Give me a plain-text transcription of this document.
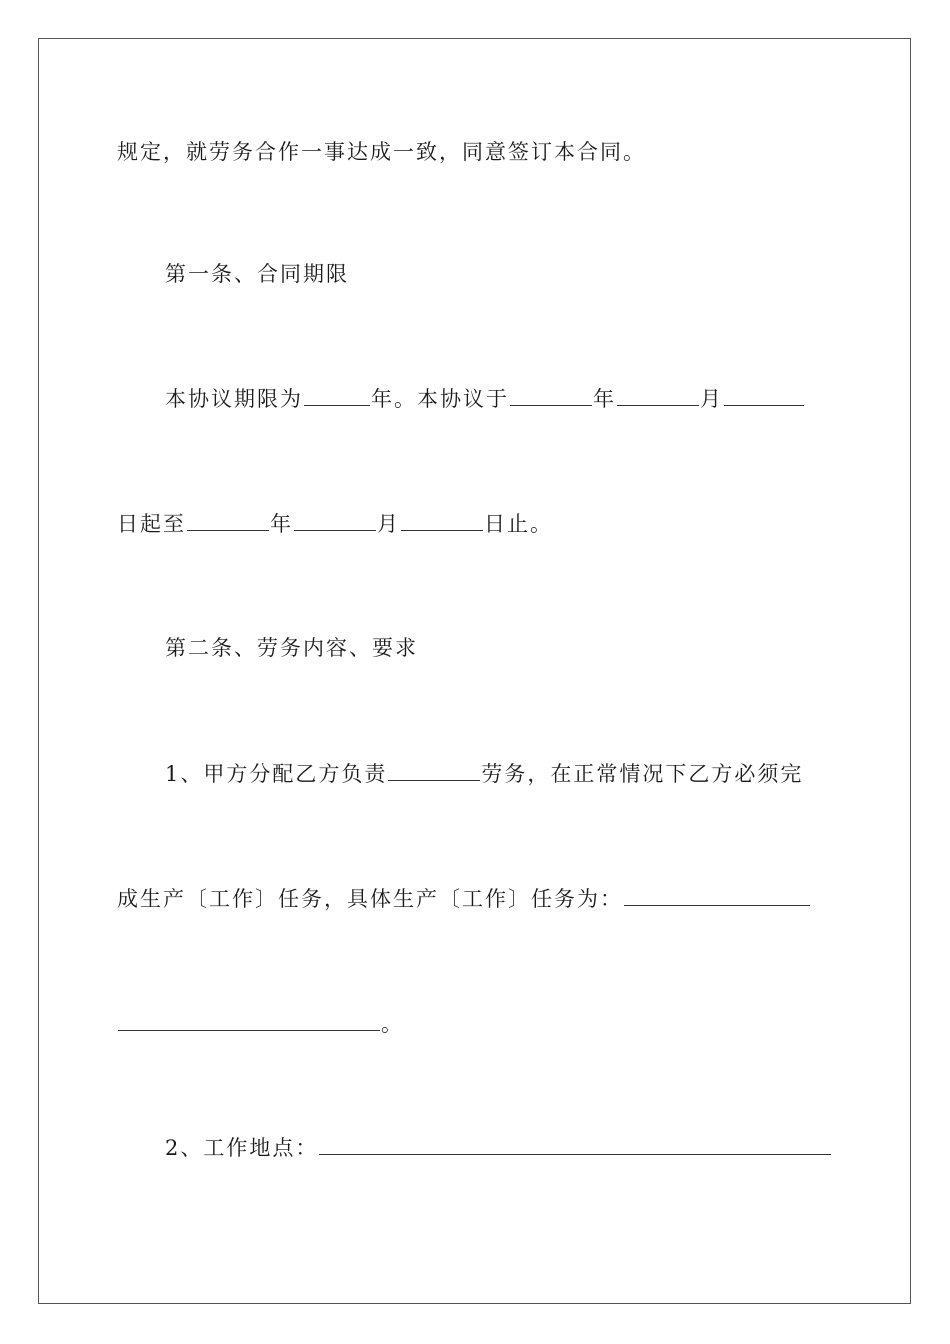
规定，就劳务合作一事达成一致，同意签订本合同。
第一条、合同期限
本协议期限为	年。本协议于	年	月
日起至	年	月	日止。
第二条、劳务内容、要求
1、甲方分配乙方负责	劳务，在正常情况下乙方必须完
成生产〔工作〕任务，具体生产〔工作〕任务为：
。
2、工作地点：
